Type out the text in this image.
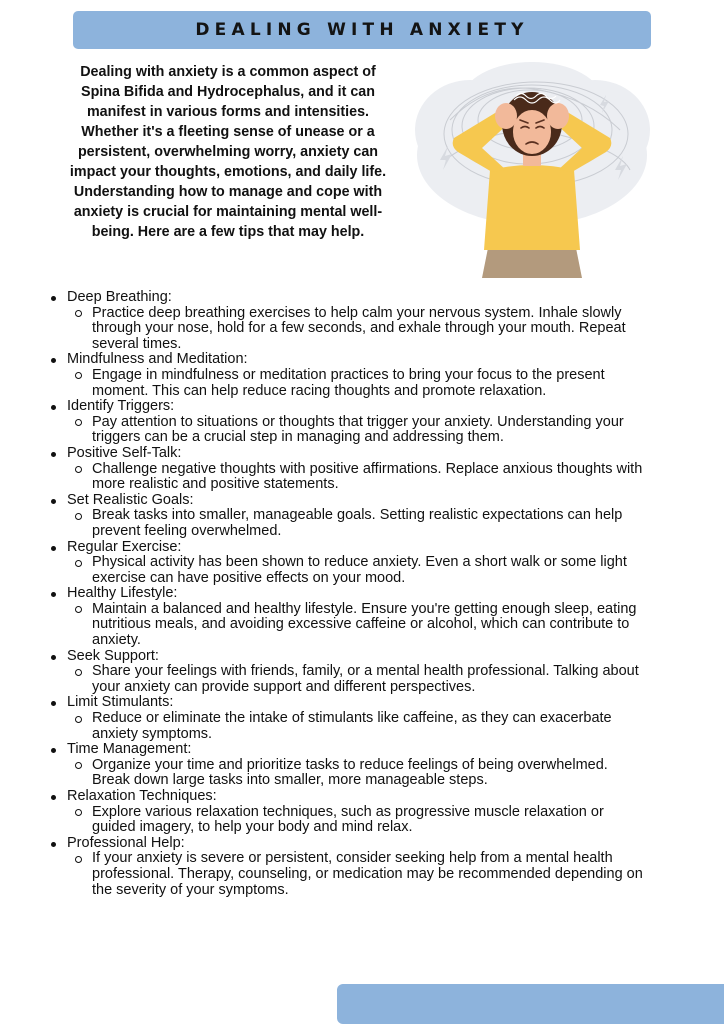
DEALING WITH ANXIETY
Dealing with anxiety is a common aspect of Spina Bifida and Hydrocephalus, and it can manifest in various forms and intensities. Whether it's a fleeting sense of unease or a persistent, overwhelming worry, anxiety can impact your thoughts, emotions, and daily life. Understanding how to manage and cope with anxiety is crucial for maintaining mental well-being. Here are a few tips that may help.
Deep Breathing:
Practice deep breathing exercises to help calm your nervous system. Inhale slowly through your nose, hold for a few seconds, and exhale through your mouth. Repeat several times.
Mindfulness and Meditation:
Engage in mindfulness or meditation practices to bring your focus to the present moment. This can help reduce racing thoughts and promote relaxation.
Identify Triggers:
Pay attention to situations or thoughts that trigger your anxiety. Understanding your triggers can be a crucial step in managing and addressing them.
Positive Self-Talk:
Challenge negative thoughts with positive affirmations. Replace anxious thoughts with more realistic and positive statements.
Set Realistic Goals:
Break tasks into smaller, manageable goals. Setting realistic expectations can help prevent feeling overwhelmed.
Regular Exercise:
Physical activity has been shown to reduce anxiety. Even a short walk or some light exercise can have positive effects on your mood.
Healthy Lifestyle:
Maintain a balanced and healthy lifestyle. Ensure you're getting enough sleep, eating nutritious meals, and avoiding excessive caffeine or alcohol, which can contribute to anxiety.
Seek Support:
Share your feelings with friends, family, or a mental health professional. Talking about your anxiety can provide support and different perspectives.
Limit Stimulants:
Reduce or eliminate the intake of stimulants like caffeine, as they can exacerbate anxiety symptoms.
Time Management:
Organize your time and prioritize tasks to reduce feelings of being overwhelmed. Break down large tasks into smaller, more manageable steps.
Relaxation Techniques:
Explore various relaxation techniques, such as progressive muscle relaxation or guided imagery, to help your body and mind relax.
Professional Help:
If your anxiety is severe or persistent, consider seeking help from a mental health professional. Therapy, counseling, or medication may be recommended depending on the severity of your symptoms.
